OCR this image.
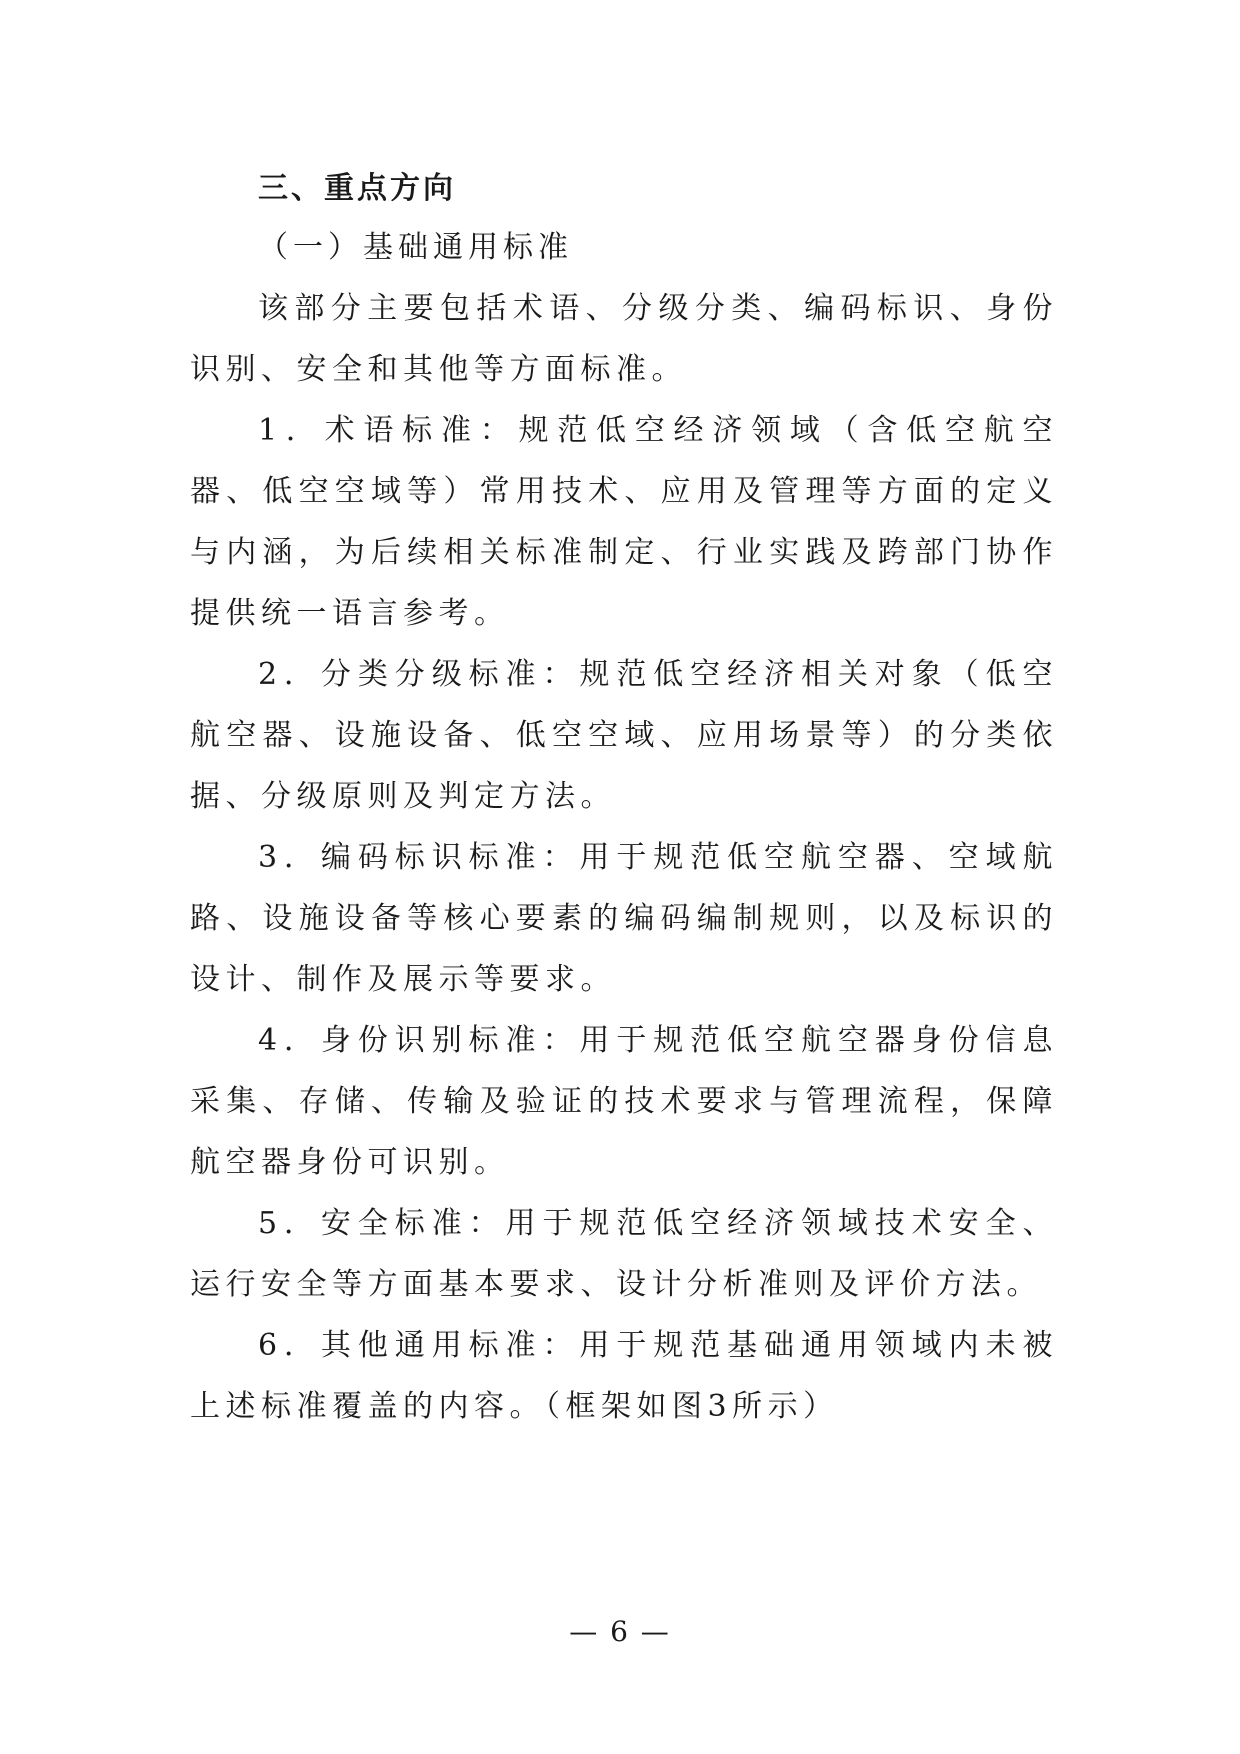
三、重点方向
（一）基础通用标准

该部分主要包括术语、分级分类、编码标识、身份识别、安全和其他等方面标准。

1．术语标准：规范低空经济领域（含低空航空器、低空空域等）常用技术、应用及管理等方面的定义与内涵，为后续相关标准制定、行业实践及跨部门协作提供统一语言参考。

2．分类分级标准：规范低空经济相关对象（低空航空器、设施设备、低空空域、应用场景等）的分类依据、分级原则及判定方法。

3．编码标识标准：用于规范低空航空器、空域航路、设施设备等核心要素的编码编制规则，以及标识的设计、制作及展示等要求。

4．身份识别标准：用于规范低空航空器身份信息采集、存储、传输及验证的技术要求与管理流程，保障航空器身份可识别。

5．安全标准：用于规范低空经济领域技术安全、运行安全等方面基本要求、设计分析准则及评价方法。

6．其他通用标准：用于规范基础通用领域内未被上述标准覆盖的内容。（框架如图3所示）

— 6 —
